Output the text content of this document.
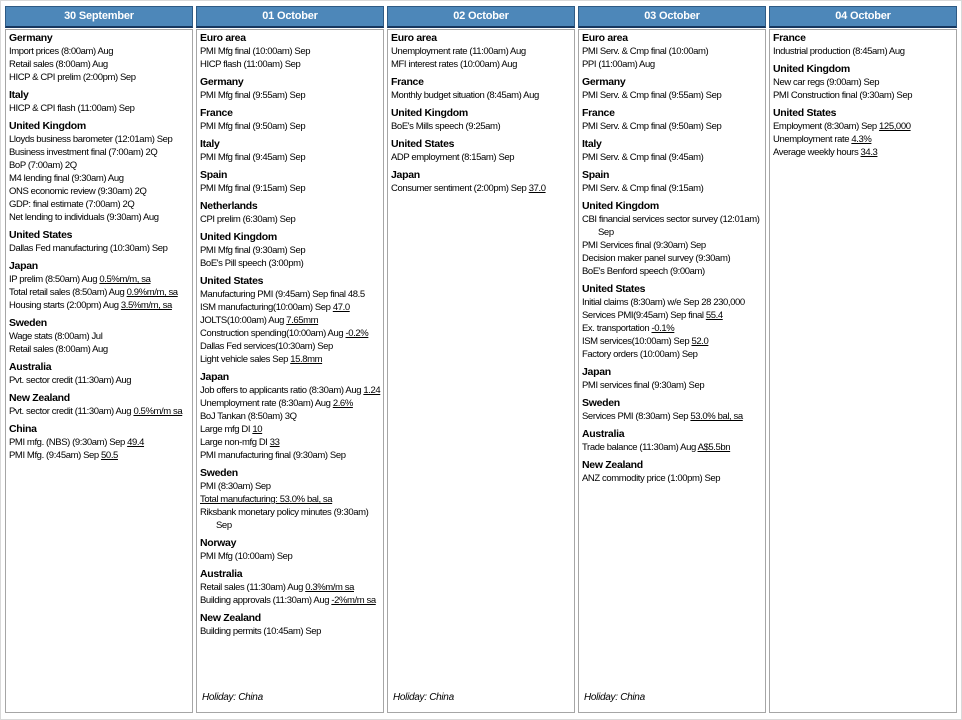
30 September
Germany
Import prices (8:00am) Aug
Retail sales (8:00am) Aug
HICP & CPI prelim (2:00pm) Sep
Italy
HICP & CPI flash (11:00am) Sep
United Kingdom
Lloyds business barometer (12:01am) Sep
Business investment final (7:00am) 2Q
BoP (7:00am) 2Q
M4 lending final (9:30am) Aug
ONS economic review (9:30am) 2Q
GDP: final estimate (7:00am) 2Q
Net lending to individuals (9:30am) Aug
United States
Dallas Fed manufacturing (10:30am) Sep
Japan
IP prelim (8:50am) Aug 0.5%m/m, sa
Total retail sales (8:50am) Aug 0.9%m/m, sa
Housing starts (2:00pm) Aug 3.5%m/m, sa
Sweden
Wage stats (8:00am) Jul
Retail sales (8:00am) Aug
Australia
Pvt. sector credit (11:30am) Aug
New Zealand
Pvt. sector credit (11:30am) Aug 0.5%m/m sa
China
PMI mfg. (NBS) (9:30am) Sep 49.4
PMI Mfg. (9:45am) Sep 50.5
01 October
Euro area
PMI Mfg final (10:00am) Sep
HICP flash (11:00am) Sep
Germany
PMI Mfg final (9:55am) Sep
France
PMI Mfg final (9:50am) Sep
Italy
PMI Mfg final (9:45am) Sep
Spain
PMI Mfg final (9:15am) Sep
Netherlands
CPI prelim (6:30am) Sep
United Kingdom
PMI Mfg final (9:30am) Sep
BoE's Pill speech (3:00pm)
United States
Manufacturing PMI (9:45am) Sep final 48.5
ISM manufacturing(10:00am) Sep 47.0
JOLTS(10:00am) Aug 7.65mm
Construction spending(10:00am) Aug -0.2%
Dallas Fed services(10:30am) Sep
Light vehicle sales Sep 15.8mm
Japan
Job offers to applicants ratio (8:30am) Aug 1.24
Unemployment rate (8:30am) Aug 2.6%
BoJ Tankan (8:50am) 3Q
Large mfg DI 10
Large non-mfg DI 33
PMI manufacturing final (9:30am) Sep
Sweden
PMI (8:30am) Sep
Total manufacturing: 53.0% bal, sa
Riksbank monetary policy minutes (9:30am)
Sep
Norway
PMI Mfg (10:00am) Sep
Australia
Retail sales (11:30am) Aug 0.3%m/m sa
Building approvals (11:30am) Aug -2%m/m sa
New Zealand
Building permits (10:45am) Sep
Holiday: China
02 October
Euro area
Unemployment rate (11:00am) Aug
MFI interest rates (10:00am) Aug
France
Monthly budget situation (8:45am) Aug
United Kingdom
BoE's Mills speech (9:25am)
United States
ADP employment (8:15am) Sep
Japan
Consumer sentiment (2:00pm) Sep 37.0
Holiday: China
03 October
Euro area
PMI Serv. & Cmp final (10:00am)
PPI (11:00am) Aug
Germany
PMI Serv. & Cmp final (9:55am) Sep
France
PMI Serv. & Cmp final (9:50am) Sep
Italy
PMI Serv. & Cmp final (9:45am)
Spain
PMI Serv. & Cmp final (9:15am)
United Kingdom
CBI financial services sector survey (12:01am)
Sep
PMI Services final (9:30am) Sep
Decision maker panel survey (9:30am)
BoE's Benford speech (9:00am)
United States
Initial claims (8:30am) w/e Sep 28 230,000
Services PMI(9:45am) Sep final 55.4
Ex. transportation -0.1%
ISM services(10:00am) Sep 52.0
Factory orders (10:00am) Sep
Japan
PMI services final (9:30am) Sep
Sweden
Services PMI (8:30am) Sep 53.0% bal, sa
Australia
Trade balance (11:30am) Aug A$5.5bn
New Zealand
ANZ commodity price (1:00pm) Sep
Holiday: China
04 October
France
Industrial production (8:45am) Aug
United Kingdom
New car regs (9:00am) Sep
PMI Construction final (9:30am) Sep
United States
Employment (8:30am) Sep 125,000
Unemployment rate 4.3%
Average weekly hours 34.3
